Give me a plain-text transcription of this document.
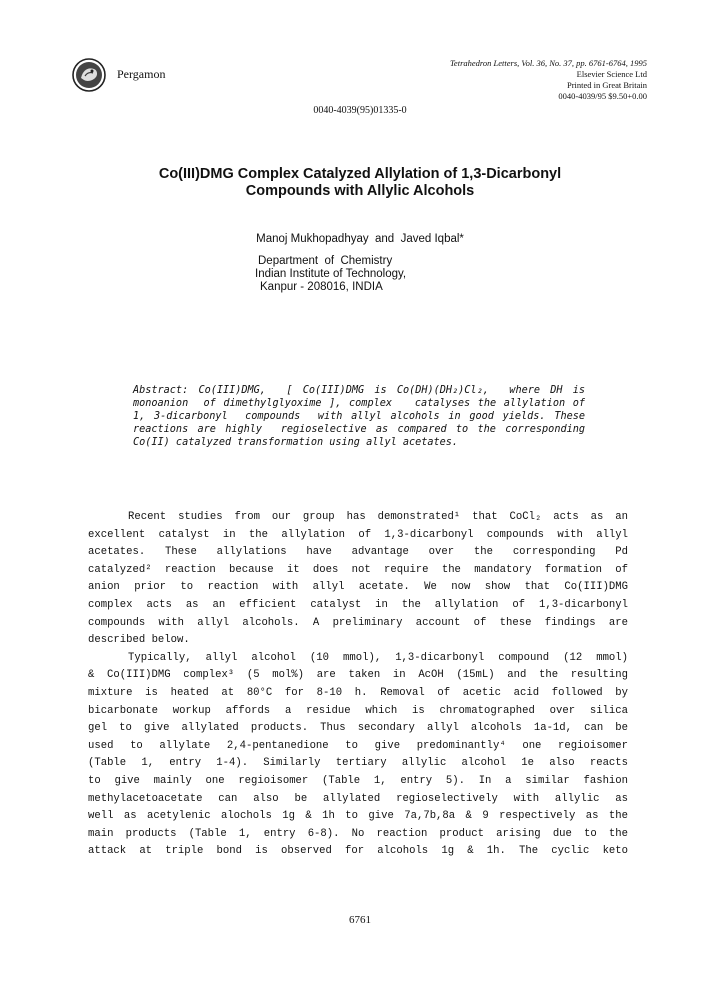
Pergamon
Tetrahedron Letters, Vol. 36, No. 37, pp. 6761-6764, 1995
Elsevier Science Ltd
Printed in Great Britain
0040-4039/95 $9.50+0.00
0040-4039(95)01335-0
Co(III)DMG Complex Catalyzed Allylation of 1,3-Dicarbonyl
Compounds with Allylic Alcohols
Manoj Mukhopadhyay  and  Javed Iqbal*
Department  of  Chemistry
Indian Institute of Technology,
Kanpur - 208016, INDIA
Abstract: Co(III)DMG,  [ Co(III)DMG is Co(DH)(DH₂)Cl₂,  where DH is  monoanion  of dimethylglyoxime ], complex   catalyses the allylation of 1, 3-dicarbonyl  compounds  with allyl alcohols in good yields. These reactions are highly  regioselective as compared to the corresponding Co(II) catalyzed transformation using allyl acetates.

Recent studies from our group has demonstrated¹ that CoCl₂ acts as an

excellent catalyst in the allylation of 1,3-dicarbonyl compounds with allyl

acetates. These allylations have advantage over the corresponding Pd

catalyzed² reaction because it does not require the mandatory formation of

anion prior to reaction with allyl acetate. We now show that Co(III)DMG

complex acts as an efficient catalyst in the allylation of 1,3-dicarbonyl

compounds with allyl alcohols. A preliminary account of these findings are

described below.

Typically, allyl alcohol (10 mmol), 1,3-dicarbonyl compound (12 mmol)

& Co(III)DMG complex³ (5 mol%) are taken in AcOH (15mL) and the resulting

mixture is heated at 80°C for 8-10 h. Removal of acetic acid followed by

bicarbonate workup affords a residue which is chromatographed over silica

gel to give allylated products. Thus secondary allyl alcohols 1a-1d, can be

used to allylate 2,4-pentanedione to give predominantly⁴ one regioisomer

(Table 1, entry 1-4). Similarly tertiary allylic alcohol 1e also reacts

to give mainly one regioisomer (Table 1, entry 5). In a similar fashion

methylacetoacetate can also be allylated regioselectively with allylic as

well as acetylenic alochols 1g & 1h to give 7a,7b,8a & 9 respectively as the

main products (Table 1, entry 6-8). No reaction product arising due to the

attack at triple bond is observed for alcohols 1g & 1h. The cyclic keto

6761
